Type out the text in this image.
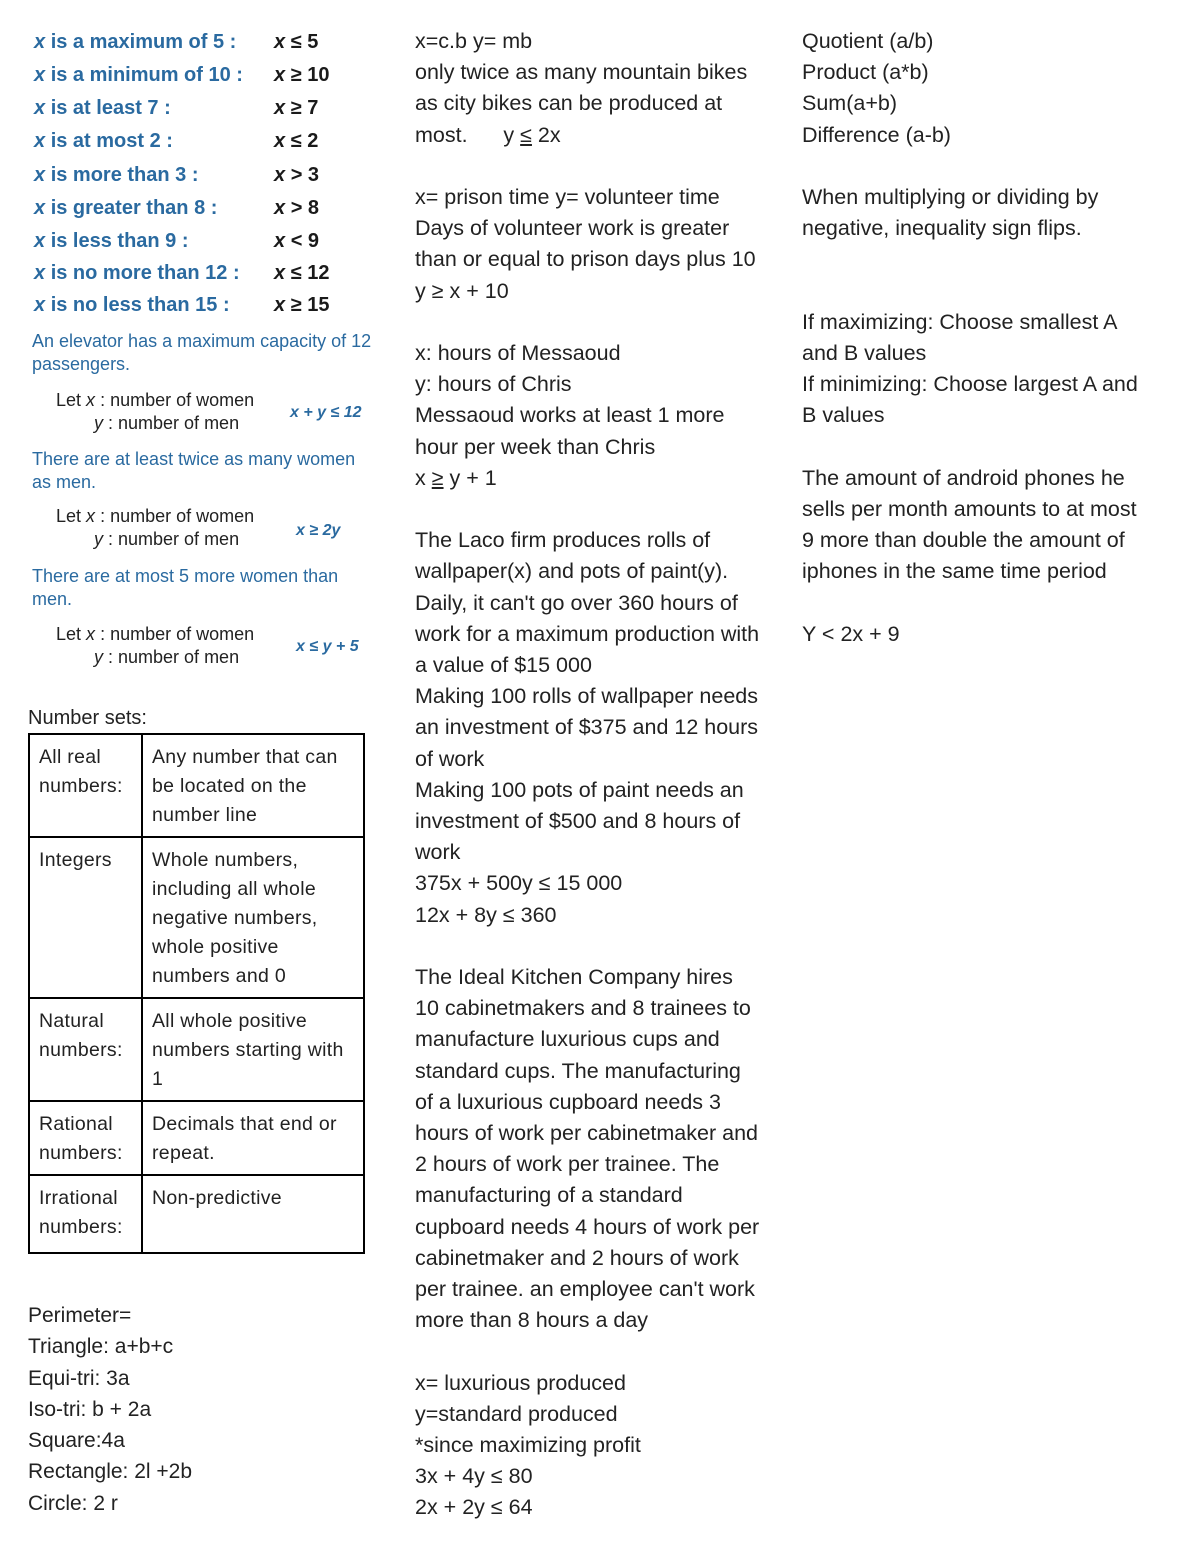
x is a maximum of 5 : x ≤ 5
x is a minimum of 10 : x ≥ 10
x is at least 7 :	x ≥ 7
x is at most 2 :	x ≤ 2
x is more than 3 :	x > 3
x is greater than 8 :	x > 8
x is less than 9 :	x < 9
x is no more than 12 : x ≤ 12
x is no less than 15 : x ≥ 15
An elevator has a maximum capacity of 12 passengers.
Let x : number of women
y : number of men
x + y ≤ 12
There are at least twice as many women as men.
Let x : number of women
y : number of men	x ≥ 2y
There are at most 5 more women than men.
Let x : number of women
y : number of men
x ≤ y + 5
Number sets:
All real numbers:	Any number that can be located on the number line
Integers	Whole numbers, including all whole negative numbers, whole positive numbers and 0
Natural numbers:	All whole positive numbers starting with 1
Rational numbers:	Decimals that end or repeat.
Irrational numbers:	Non-predictive
Perimeter=
Triangle: a+b+c
Equi-tri: 3a
Iso-tri: b + 2a
Square:4a
Rectangle: 2l +2b
Circle: 2 r

x=c.b y= mb

only twice as many mountain bikes

as city bikes can be produced at

most.      y ≤ 2x

x= prison time y= volunteer time

Days of volunteer work is greater

than or equal to prison days plus 10

y ≥ x + 10

x: hours of Messaoud

y: hours of Chris

Messaoud works at least 1 more

hour per week than Chris

x ≥ y + 1

The Laco firm produces rolls of

wallpaper(x) and pots of paint(y).

Daily, it can't go over 360 hours of

work for a maximum production with

a value of $15 000

Making 100 rolls of wallpaper needs

an investment of $375 and 12 hours

of work

Making 100 pots of paint needs an

investment of $500 and 8 hours of

work

375x + 500y ≤ 15 000

12x + 8y ≤ 360

The Ideal Kitchen Company hires

10 cabinetmakers and 8 trainees to

manufacture luxurious cups and

standard cups. The manufacturing

of a luxurious cupboard needs 3

hours of work per cabinetmaker and

2 hours of work per trainee. The

manufacturing of a standard

cupboard needs 4 hours of work per

cabinetmaker and 2 hours of work

per trainee. an employee can't work

more than 8 hours a day

x= luxurious produced

y=standard produced

*since maximizing profit

3x + 4y ≤ 80

2x + 2y ≤ 64

Quotient (a/b)

Product (a*b)

Sum(a+b)

Difference (a-b)

When multiplying or dividing by

negative, inequality sign flips.

If maximizing: Choose smallest A

and B values

If minimizing: Choose largest A and

B values

The amount of android phones he

sells per month amounts to at most

9 more than double the amount of

iphones in the same time period

Y < 2x + 9
